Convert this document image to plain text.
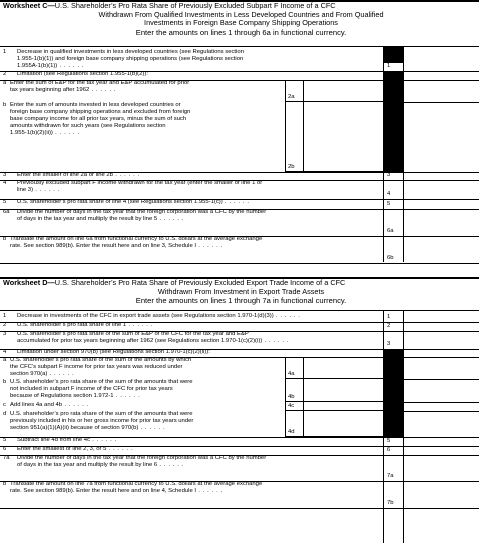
Worksheet C—U.S. Shareholder’s Pro Rata Share of Previously Excluded Subpart F Income of a CFC
Withdrawn From Qualified Investments in Less Developed Countries and From Qualified
Investments in Foreign Base Company Shipping Operations
Enter the amounts on lines 1 through 6a in functional currency.
1 Decrease in qualified investments in less developed countries (see Regulations section
1.955-1(b)(1)) and foreign base company shipping operations (see Regulations section
1.955A-1(b)(1)) . . .	1
2 Limitation (see Regulations section 1.955-1(b)(2)):
a Enter the sum of E&P for the tax year and E&P accumulated for prior
tax years beginning after 1962 . . .
2a
b Enter the sum of amounts invested in less developed countries or
foreign base company shipping operations and excluded from foreign
base company income for all prior tax years, minus the sum of such
amounts withdrawn for such years (see Regulations section
1.955-1(b)(2)(ii)) . . .
2b
3 Enter the smaller of line 2a or line 2b . . .	3
4 Previously excluded subpart F income withdrawn for the tax year (enter the smaller of line 1 or
line 3) . . .
4
5 U.S. shareholder’s pro rata share of line 4 (see Regulations section 1.955-1(c)) . . .	5
6a Divide the number of days in the tax year that the foreign corporation was a CFC by the number
of days in the tax year and multiply the result by line 5 . . .
6a
b Translate the amount on line 6a from functional currency to U.S. dollars at the average exchange
rate. See section 989(b). Enter the result here and on line 3, Schedule I . . .
6b
Worksheet D—U.S. Shareholder’s Pro Rata Share of Previously Excluded Export Trade Income of a CFC
Withdrawn From Investment in Export Trade Assets
Enter the amounts on lines 1 through 7a in functional currency.
1 Decrease in investments of the CFC in export trade assets (see Regulations section 1.970-1(d)(3)) . . .	1
2 U.S. shareholder’s pro rata share of line 1 . . .	2
3 U.S. shareholder’s pro rata share of the sum of E&P of the CFC for the tax year and E&P
accumulated for prior tax years beginning after 1962 (see Regulations section 1.970-1(c)(2)(i)) . . .
3
4 Limitation under section 970(b) (see Regulations section 1.970-1(c)(2)(ii)):
a U.S. shareholder’s pro rata share of the sum of the amounts by which
the CFC’s subpart F income for prior tax years was reduced under
section 970(a) . . .	4a
b U.S. shareholder’s pro rata share of the sum of the amounts that were
not included in subpart F income of the CFC for prior tax years
because of Regulations section 1.972-1 . . .	4b
c Add lines 4a and 4b . . .	4c
d U.S. shareholder’s pro rata share of the sum of the amounts that were
previously included in his or her gross income for prior tax years under
section 951(a)(1)(A)(ii) because of section 970(b) . . .
4d
5 Subtract line 4d from line 4c . . .	5
6 Enter the smallest of line 2, 3, or 5 . . .	6
7a Divide the number of days in the tax year that the foreign corporation was a CFC by the number
of days in the tax year and multiply the result by line 6 . . .
7a
b Translate the amount on line 7a from functional currency to U.S. dollars at the average exchange
rate. See section 989(b). Enter the result here and on line 4, Schedule I . . .
7b
